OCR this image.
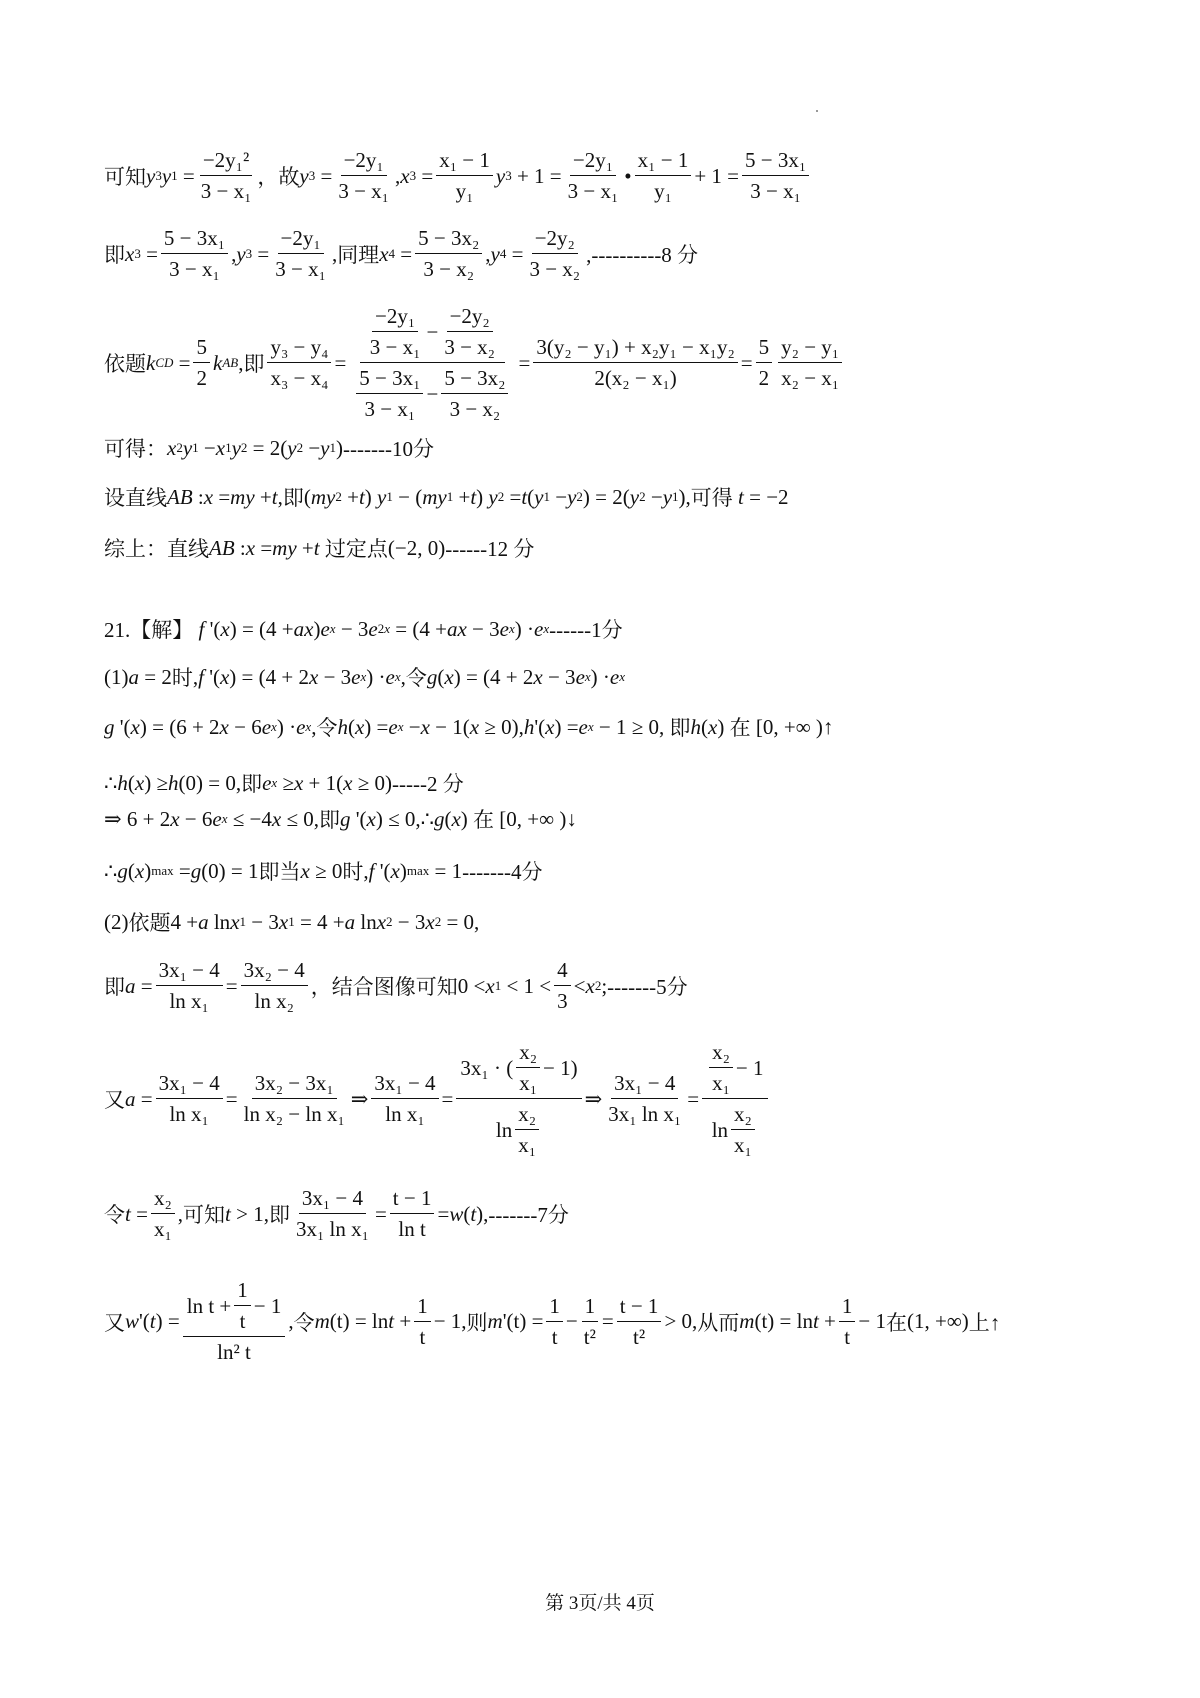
可知 y 3 y $1 = \frac{\text{−2y₁²}}{\text{3 − x₁}}$ ， 故 y $3 = \frac{\text{−2y₁}}{\text{3 − x₁}}$ , x $3 = \frac{\text{x₁ − 1}}{\text{y₁}}$ y $3 + 1 = \frac{\text{−2y₁}}{\text{3 − x₁}}$ • $\frac{\text{x₁ − 1}}{\text{y₁}} + 1 = \frac{\text{5 − 3x₁}}{\text{3 − x₁}}$
即 x $3 = \frac{\text{5 − 3x₁}}{\text{3 − x₁}}$ , y $3 = \frac{\text{−2y₁}}{\text{3 − x₁}}$ , 同理 x $4 = \frac{\text{5 − 3x₂}}{\text{3 − x₂}}$ , y $4 = \frac{\text{−2y₂}}{\text{3 − x₂}} ,----------8$ 分
依题 k CD = $\frac{5}{2}$ k AB , 即 $\frac{\text{y₃ − y₄}}{\text{x₃ − x₄}} = \frac{\frac{\text{−2y₁}}{\text{3 − x₁}} - \frac{\text{−2y₂}}{\text{3 − x₂}}}{\frac{\text{5 − 3x₁}}{\text{3 − x₁}} - \frac{\text{5 − 3x₂}}{\text{3 − x₂}}} = \frac{\text{3(y₂ − y₁) + x₂y₁ − x₁y₂}}{\text{2(x₂ − x₁)}} = \frac{5}{2} \frac{\text{y₂ − y₁}}{\text{x₂ − x₁}}$
可得： x 2 y 1 − x 1 y 2 = 2( y 2 − y 1 ) -------10分
设直线 AB : x = my + t , 即 ( my 2 + t ) y 1 − ( my 1 + t ) y 2 = t ( y 1 − y 2 ) = 2( y 2 − y 1 ), 可得
t = −2
综上：直线 AB : x = my + t
过定点 (−2, 0) ------12 分
21.【解】
f '( x ) = (4 + ax ) e x − 3 e 2x = (4 + ax − 3 e x ) · e x ------1分
(1) a = 2 时 , f '( x ) = (4 + 2 x − 3 e x ) · e x , 令 g ( x ) = (4 + 2 x − 3 e x ) · e x
g '( x ) = (6 + 2 x − 6 e x ) · e x , 令 h ( x ) = e x − x − 1( x ≥ 0), h '( x ) = e x − 1 ≥ 0, 即 h ( x ) 在 [0, +∞ )↑
∴ h ( x ) ≥ h (0) = 0, 即 e x ≥ x + 1( x ≥ 0) -----2 分
⇒ 6 + 2 x − 6 e x ≤ −4 x ≤ 0, 即 g '( x ) ≤ 0,∴ g ( x ) 在 [0, +∞ )↓
∴ g ( x ) max = g (0) = 1 即当 x ≥ 0 时 , f '( x ) max = 1 -------4分
(2) 依题 4 + a ln x 1 − 3 x 1 = 4 + a ln x 2 − 3 x 2 = 0,
即 $a = \frac{\text{3x₁ − 4}}{\text{ln x₁}} = \frac{\text{3x₂ − 4}}{\text{ln x₂}}$ ，结合图像可知 0 < x $1 < 1 < \frac{4}{3} < x$ 2 ; -------5分
又 $a = \frac{\text{3x₁ − 4}}{\text{ln x₁}} = \frac{\text{3x₂ − 3x₁}}{\text{ln x₂ − ln x₁}}$ ⇒ $\frac{\text{3x₁ − 4}}{\text{ln x₁}} = \frac{3x_1 \cdot ( \frac{\text{x₂}}{\text{x₁}} - 1 )}{\ln \frac{\text{x₂}}{\text{x₁}}}$ ⇒ $\frac{\text{3x₁ − 4}}{\text{3x₁ ln x₁}} = \frac{\frac{\text{x₂}}{\text{x₁}} - 1}{\ln \frac{\text{x₂}}{\text{x₁}}}$
令 $t = \frac{\text{x₂}}{\text{x₁}}$ , 可知 t > 1, 即 $\frac{\text{3x₁ − 4}}{\text{3x₁ ln x₁}} = \frac{t - 1}{\text{ln t}} = w$ ( t ), -------7分
又 w '( t ) = $\frac{\ln t + \frac{1}{t} - 1}{\text{ln² t}}$ , 令 m $(t) = \ln t + \frac{1}{t} - 1$, 则 m '$(t) = \frac{1}{t} - \frac{1}{\text{t²}} = \frac{t - 1}{\text{t²}} > 0$, 从而 m $(t) = \ln t + \frac{1}{t} - 1$ 在 (1, +∞) 上↑
第 3页/共 4页
